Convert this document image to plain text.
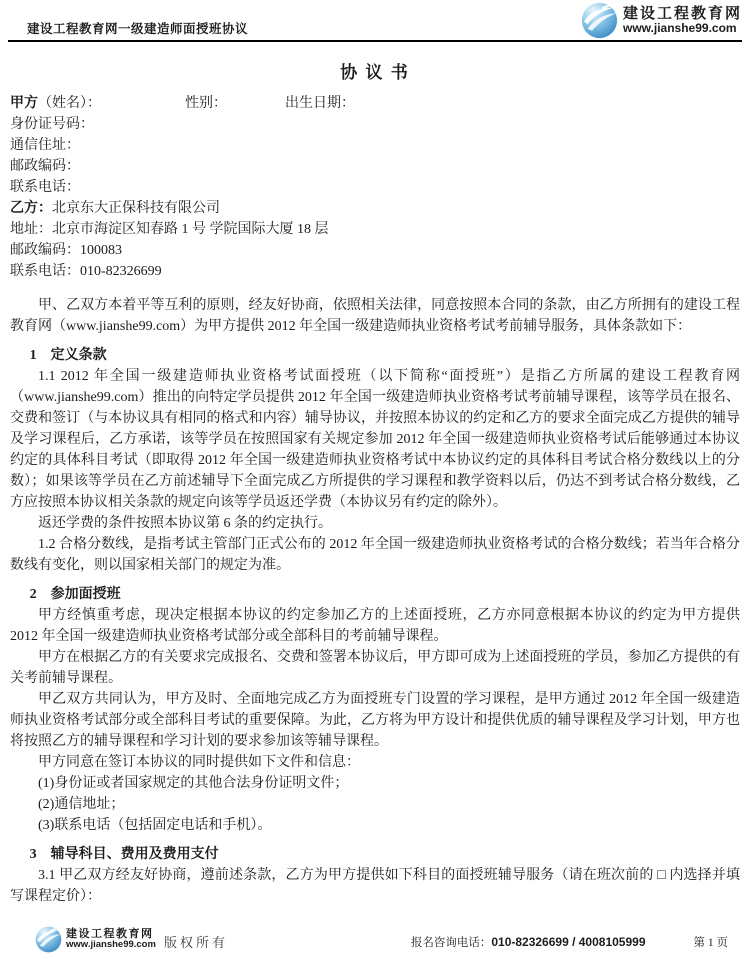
建设工程教育网一级建造师面授班协议
建设工程教育网
www.jianshe99.com
协 议 书
甲方（姓名）：	性别：	出生日期：
身份证号码：
通信住址：
邮政编码：
联系电话：
乙方：北京东大正保科技有限公司
地址：北京市海淀区知春路 1 号 学院国际大厦 18 层
邮政编码：100083
联系电话：010-82326699

甲、乙双方本着平等互利的原则，经友好协商，依照相关法律，同意按照本合同的条款，由乙方所拥有的建设工程教育网（www.jianshe99.com）为甲方提供 2012 年全国一级建造师执业资格考试考前辅导服务，具体条款如下：

1　定义条款

1.1 2012 年全国一级建造师执业资格考试面授班（以下简称“面授班”）是指乙方所属的建设工程教育网（www.jianshe99.com）推出的向特定学员提供 2012 年全国一级建造师执业资格考试考前辅导课程，该等学员在报名、交费和签订（与本协议具有相同的格式和内容）辅导协议，并按照本协议的约定和乙方的要求全面完成乙方提供的辅导及学习课程后，乙方承诺，该等学员在按照国家有关规定参加 2012 年全国一级建造师执业资格考试后能够通过本协议约定的具体科目考试（即取得 2012 年全国一级建造师执业资格考试中本协议约定的具体科目考试合格分数线以上的分数）；如果该等学员在乙方前述辅导下全面完成乙方所提供的学习课程和教学资料以后，仍达不到考试合格分数线，乙方应按照本协议相关条款的规定向该等学员返还学费（本协议另有约定的除外）。

返还学费的条件按照本协议第 6 条的约定执行。

1.2 合格分数线，是指考试主管部门正式公布的 2012 年全国一级建造师执业资格考试的合格分数线；若当年合格分数线有变化，则以国家相关部门的规定为准。

2　参加面授班

甲方经慎重考虑，现决定根据本协议的约定参加乙方的上述面授班，乙方亦同意根据本协议的约定为甲方提供 2012 年全国一级建造师执业资格考试部分或全部科目的考前辅导课程。

甲方在根据乙方的有关要求完成报名、交费和签署本协议后，甲方即可成为上述面授班的学员，参加乙方提供的有关考前辅导课程。

甲乙双方共同认为，甲方及时、全面地完成乙方为面授班专门设置的学习课程，是甲方通过 2012 年全国一级建造师执业资格考试部分或全部科目考试的重要保障。为此，乙方将为甲方设计和提供优质的辅导课程及学习计划，甲方也将按照乙方的辅导课程和学习计划的要求参加该等辅导课程。

甲方同意在签订本协议的同时提供如下文件和信息：

(1)身份证或者国家规定的其他合法身份证明文件；

(2)通信地址；

(3)联系电话（包括固定电话和手机）。

3　辅导科目、费用及费用支付

3.1 甲乙双方经友好协商，遵前述条款，乙方为甲方提供如下科目的面授班辅导服务（请在班次前的 □ 内选择并填写课程定价）：

建设工程教育网
www.jianshe99.com 版权所有	报名咨询电话：010-82326699 / 4008105999	第 1 页
